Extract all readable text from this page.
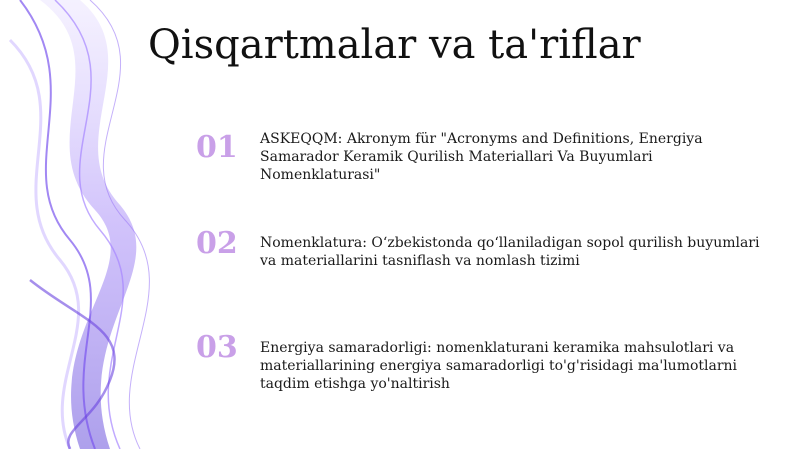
Qisqartmalar va ta'riflar
01	ASKEQQM: Akronym für "Acronyms and Definitions, Energiya Samarador Keramik Qurilish Materiallari Va Buyumlari Nomenklaturasi"
02	Nomenklatura: O‘zbekistonda qo‘llaniladigan sopol qurilish buyumlari va materiallarini tasniflash va nomlash tizimi
03	Energiya samaradorligi: nomenklaturani keramika mahsulotlari va materiallarining energiya samaradorligi to'g'risidagi ma'lumotlarni taqdim etishga yo'naltirish
